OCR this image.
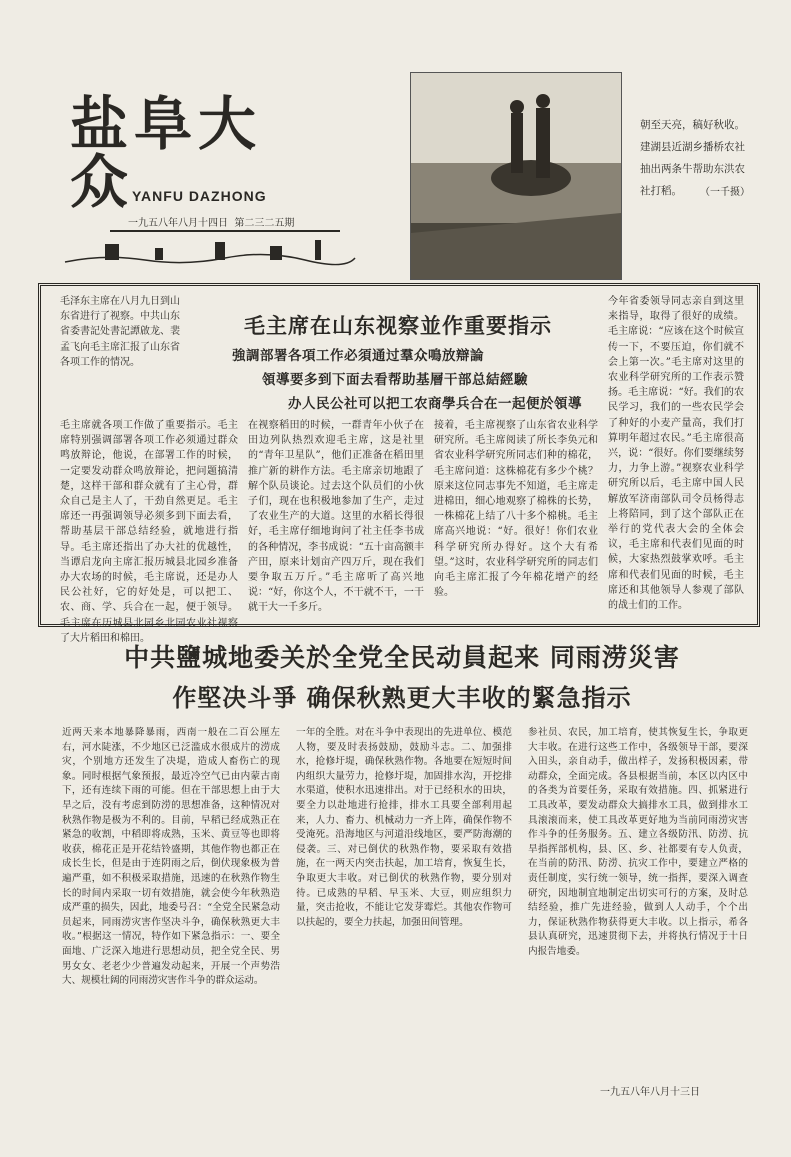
盐阜大众
YANFU DAZHONG
一九五八年八月十四日 第二三二五期
朝至天亮，稿好秋收。建湖县近湖乡播桥农社抽出两条牛帮助东洪农社打稻。	（一千摄）
毛主席在山东视察並作重要指示
強調部署各項工作必須通过羣众鳴放辯論
領導要多到下面去看帮助基層干部总結經驗
办人民公社可以把工农商學兵合在一起便於領導
毛泽东主席在八月九日到山东省进行了视察。中共山东省委書記处書記譚啟龙、裴孟飞向毛主席汇报了山东省各项工作的情况。
毛主席就各项工作做了重要指示。毛主席特别强调部署各项工作必须通过群众鸣放辩论，他说，在部署工作的时候，一定要发动群众鸣放辩论，把问题搞清楚，这样干部和群众就有了主心骨，群众自己是主人了，干劲自然更足。毛主席还一再强调领导必须多到下面去看，帮助基层干部总结经验，就地进行指导。毛主席还指出了办大社的优越性，当谭启龙向主席汇报历城县北园乡准备办大农场的时候，毛主席说，还是办人民公社好，它的好处是，可以把工、农、商、学、兵合在一起，便于领导。毛主席在历城县北园乡北园农业社视察了大片稻田和棉田。
在视察稻田的时候，一群青年小伙子在田边列队热烈欢迎毛主席，这是社里的“青年卫星队”，他们正准备在稻田里推广新的耕作方法。毛主席亲切地跟了解个队员谈论。过去这个队员们的小伙子们，现在也积极地参加了生产，走过了农业生产的大道。这里的水稻长得很好，毛主席仔细地询问了社主任李书成的各种情况，李书成说：“五十亩高额丰产田，原来计划亩产四万斤，现在我们要争取五万斤。”毛主席听了高兴地说：“好，你这个人，不干就不干，一干就干大一千多斤。
接着，毛主席视察了山东省农业科学研究所。毛主席阅读了所长李奂元和省农业科学研究所同志们种的棉花，毛主席问道：这株棉花有多少个桃？原来这位同志事先不知道，毛主席走进棉田，细心地观察了棉株的长势，一株棉花上结了八十多个棉桃。毛主席高兴地说：“好。很好！你们农业科学研究所办得好。这个大有希望。”这时，农业科学研究所的同志们向毛主席汇报了今年棉花增产的经验。
今年省委领导同志亲自到这里来指导，取得了很好的成绩。毛主席说：“应该在这个时候宣传一下，不要压迫，你们就不会上第一次。”毛主席对这里的农业科学研究所的工作表示赞扬。毛主席说：“好。我们的农民学习，我们的一些农民学会了种好的小麦产量高，我们打算明年超过农民。”毛主席很高兴，说：“很好。你们要继续努力，力争上游。”视察农业科学研究所以后，毛主席中国人民解放军济南部队司令员杨得志上将陪同，到了这个部队正在举行的党代表大会的全体会议，毛主席和代表们见面的时候，大家热烈鼓掌欢呼。毛主席和代表们见面的时候，毛主席还和其他领导人参观了部队的战士们的工作。
中共鹽城地委关於全党全民动員起来 同雨涝災害
作堅决斗爭 确保秋熟更大丰收的緊急指示
近两天来本地暴降暴雨，西南一般在二百公厘左右，河水陡涨，不少地区已泛滥成水很成片的涝成灾，个别地方还发生了决堤，造成人畜伤亡的现象。同时根据气象预报，最近冷空气已由内蒙古南下，还有连续下雨的可能。但在干部思想上由于大旱之后，没有考虑到防涝的思想准备，这种情况对秋熟作物是极为不利的。目前，早稻已经成熟正在紧急的收割，中稻即将成熟，玉米、黄豆等也即将收获，棉花正是开花结铃盛期，其他作物也都正在成长生长，但是由于连阴雨之后，倒伏现象极为普遍严重，如不积极采取措施，迅速的在秋熟作物生长的时间内采取一切有效措施，就会使今年秋熟造成严重的损失，因此，地委号召：“全党全民紧急动员起来，同雨涝灾害作坚决斗争，确保秋熟更大丰收。”根据这一情况，特作如下紧急指示：一、要全面地、广泛深入地进行思想动员，把全党全民、男男女女、老老少少普遍发动起来，开展一个声势浩大、规模壮阔的同雨涝灾害作斗争的群众运动。
一年的全胜。对在斗争中表现出的先进单位、模范人物，要及时表扬鼓励，鼓励斗志。二、加强排水，抢修圩堤，确保秋熟作物。各地要在短短时间内组织大量劳力，抢修圩堤，加固排水沟，开挖排水渠道，使积水迅速排出。对于已经积水的田块，要全力以赴地进行抢排，排水工具要全部利用起来，人力、畜力、机械动力一齐上阵，确保作物不受淹死。沿海地区与河道沿线地区，要严防海潮的侵袭。三、对已倒伏的秋熟作物，要采取有效措施，在一两天内突击扶起，加工培育，恢复生长，争取更大丰收。对已倒伏的秋熟作物，要分别对待。已成熟的早稻、早玉米、大豆，则应组织力量，突击抢收，不能让它发芽霉烂。其他农作物可以扶起的，要全力扶起，加强田间管理。
参社员、农民，加工培育，使其恢复生长，争取更大丰收。在进行这些工作中，各级领导干部，要深入田头，亲自动手，做出样子，发扬积极因素，带动群众，全面完成。各县根据当前，本区以内区中的各类为首要任务，采取有效措施。四、抓紧进行工具改革，要发动群众大搞排水工具，做到排水工具滚滚而来，使工具改革更好地为当前同雨涝灾害作斗争的任务服务。五、建立各级防汛、防涝、抗旱指挥部机构，县、区、乡、社都要有专人负责，在当前的防汛、防涝、抗灾工作中，要建立严格的责任制度，实行统一领导，统一指挥，要深入调查研究，因地制宜地制定出切实可行的方案，及时总结经验，推广先进经验，做到人人动手，个个出力，保证秋熟作物获得更大丰收。以上指示，希各县认真研究，迅速贯彻下去，并将执行情况于十日内报告地委。
一九五八年八月十三日
